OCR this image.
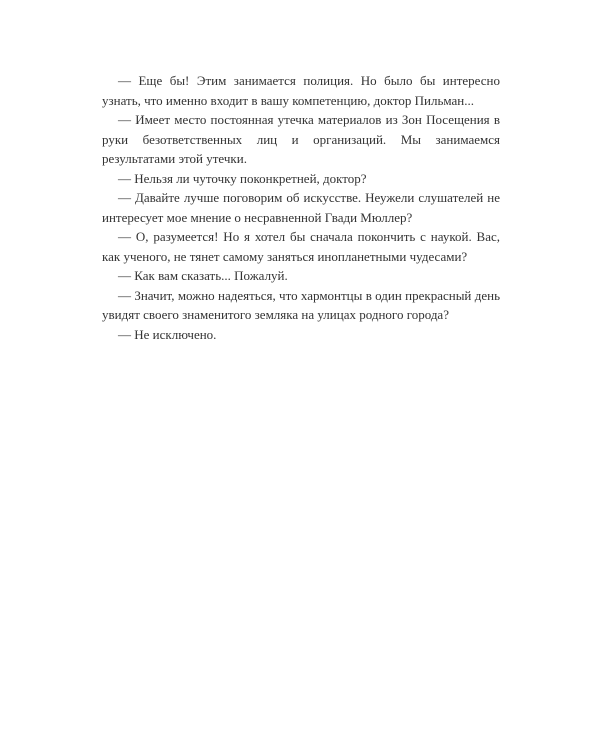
— Еще бы! Этим занимается полиция. Но было бы интересно узнать, что именно входит в вашу компетенцию, доктор Пильман...

— Имеет место постоянная утечка материалов из Зон Посещения в руки безответственных лиц и организаций. Мы занимаемся результатами этой утечки.

— Нельзя ли чуточку поконкретней, доктор?

— Давайте лучше поговорим об искусстве. Неужели слушателей не интересует мое мнение о несравненной Гвади Мюллер?

— О, разумеется! Но я хотел бы сначала покончить с наукой. Вас, как ученого, не тянет самому заняться инопланетными чудесами?

— Как вам сказать... Пожалуй.

— Значит, можно надеяться, что хармонтцы в один прекрасный день увидят своего знаменитого земляка на улицах родного города?

— Не исключено.
